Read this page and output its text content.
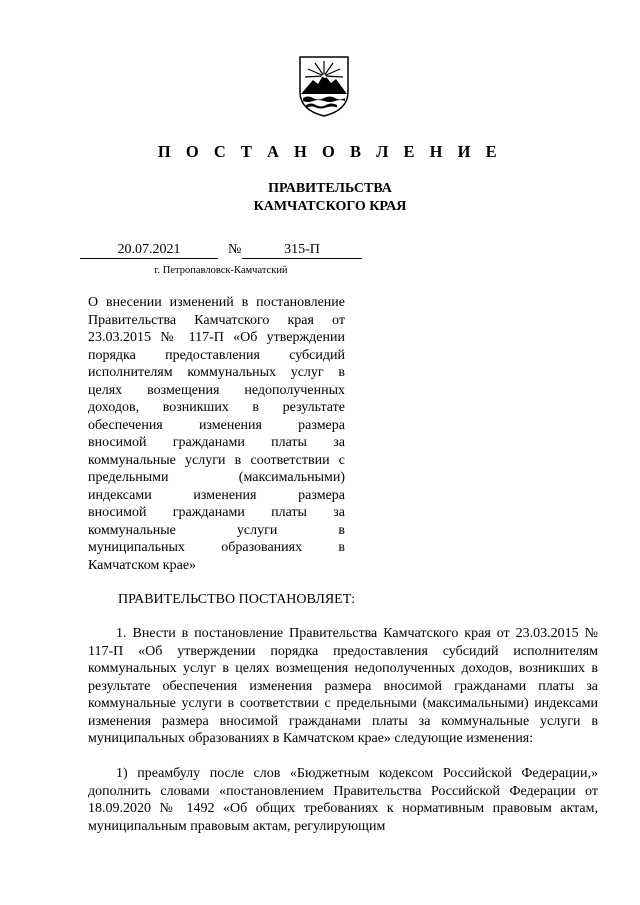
П О С Т А Н О В Л Е Н И Е
ПРАВИТЕЛЬСТВА
КАМЧАТСКОГО КРАЯ
20.07.2021	№	315-П
г. Петропавловск-Камчатский
О внесении изменений в постановление
Правительства Камчатского края от
23.03.2015 № 117-П «Об утверждении
порядка предоставления субсидий
исполнителям коммунальных услуг в
целях возмещения недополученных
доходов, возникших в результате
обеспечения изменения размера
вносимой гражданами платы за
коммунальные услуги в соответствии с
предельными (максимальными)
индексами изменения размера
вносимой гражданами платы за
коммунальные услуги в
муниципальных образованиях в
Камчатском крае»
ПРАВИТЕЛЬСТВО ПОСТАНОВЛЯЕТ:
1. Внести в постановление Правительства Камчатского края от 23.03.2015 № 117-П «Об утверждении порядка предоставления субсидий исполнителям коммунальных услуг в целях возмещения недополученных доходов, возникших в результате обеспечения изменения размера вносимой гражданами платы за коммунальные услуги в соответствии с предельными (максимальными) индексами изменения размера вносимой гражданами платы за коммунальные услуги в муниципальных образованиях в Камчатском крае» следующие изменения:
1) преамбулу после слов «Бюджетным кодексом Российской Федерации,» дополнить словами «постановлением Правительства Российской Федерации от 18.09.2020 № 1492 «Об общих требованиях к нормативным правовым актам, муниципальным правовым актам, регулирующим
